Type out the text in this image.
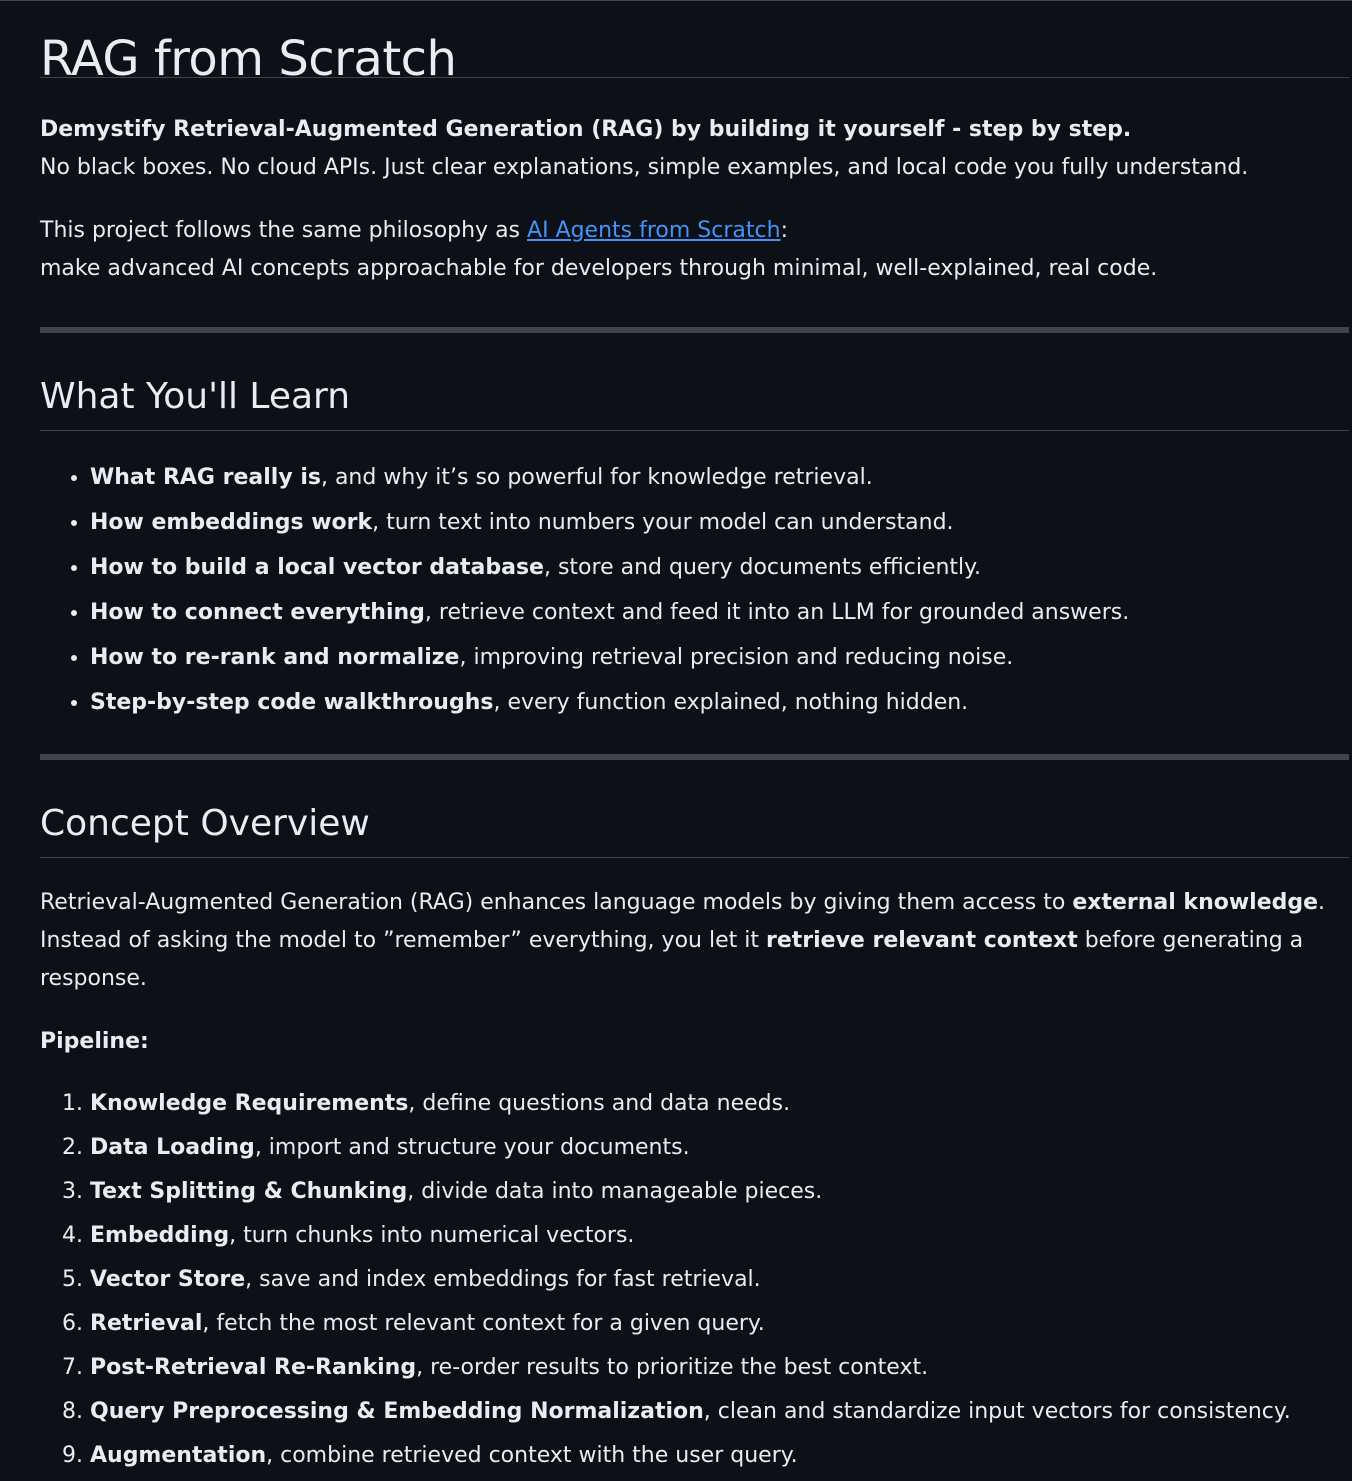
RAG from Scratch

Demystify Retrieval-Augmented Generation (RAG) by building it yourself - step by step.
No black boxes. No cloud APIs. Just clear explanations, simple examples, and local code you fully understand.

This project follows the same philosophy as AI Agents from Scratch:
make advanced AI concepts approachable for developers through minimal, well-explained, real code.

What You'll Learn
• What RAG really is, and why it’s so powerful for knowledge retrieval.
• How embeddings work, turn text into numbers your model can understand.
• How to build a local vector database, store and query documents efficiently.
• How to connect everything, retrieve context and feed it into an LLM for grounded answers.
• How to re-rank and normalize, improving retrieval precision and reducing noise.
• Step-by-step code walkthroughs, every function explained, nothing hidden.
Concept Overview

Retrieval-Augmented Generation (RAG) enhances language models by giving them access to external knowledge.
Instead of asking the model to ”remember” everything, you let it retrieve relevant context before generating a response.

Pipeline:

1. Knowledge Requirements, define questions and data needs.
2. Data Loading, import and structure your documents.
3. Text Splitting & Chunking, divide data into manageable pieces.
4. Embedding, turn chunks into numerical vectors.
5. Vector Store, save and index embeddings for fast retrieval.
6. Retrieval, fetch the most relevant context for a given query.
7. Post-Retrieval Re-Ranking, re-order results to prioritize the best context.
8. Query Preprocessing & Embedding Normalization, clean and standardize input vectors for consistency.
9. Augmentation, combine retrieved context with the user query.
